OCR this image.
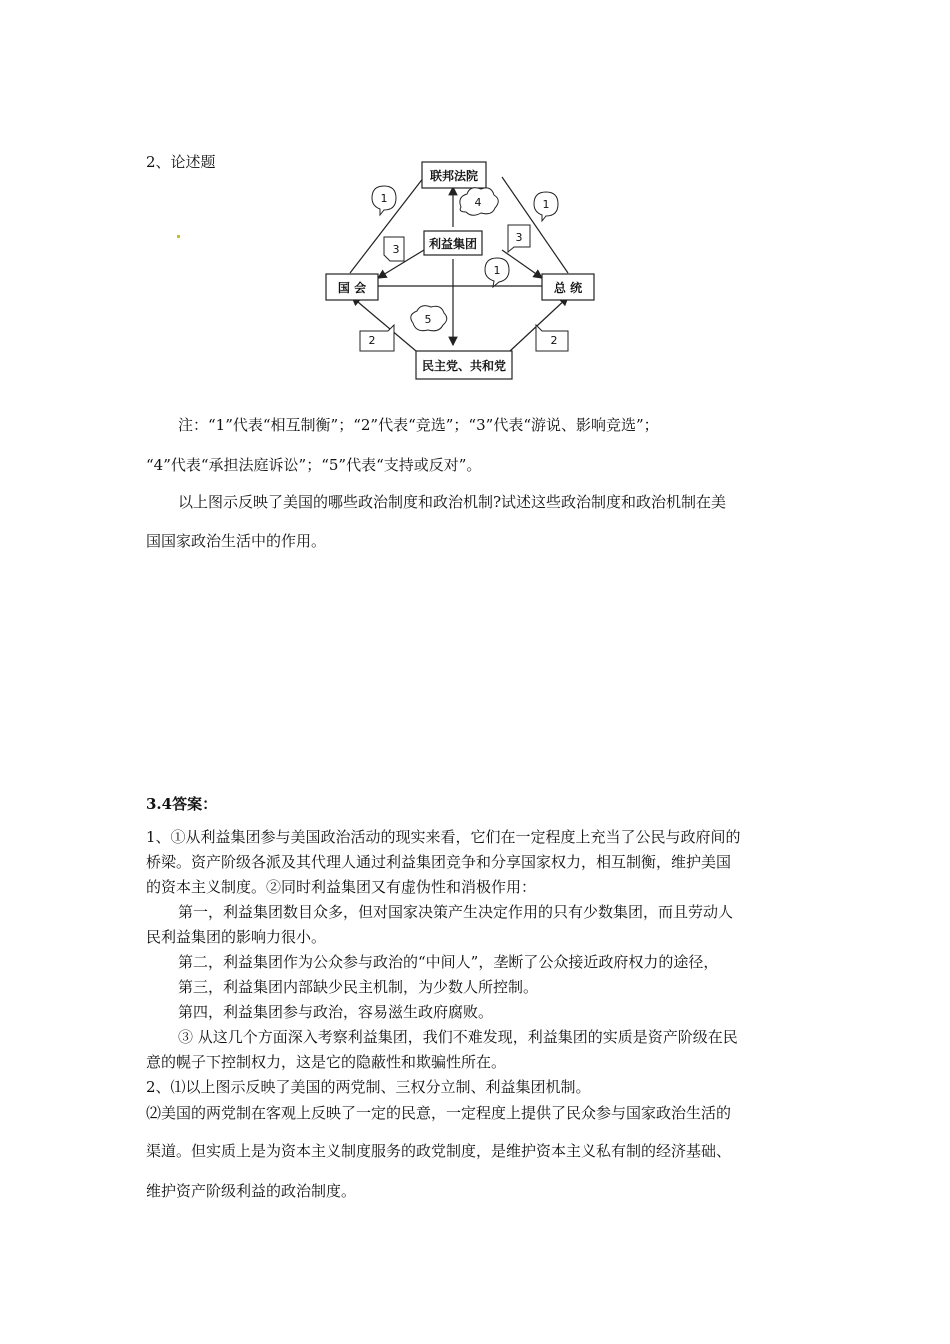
2、论述题
联邦法院
利益集团
国 会	总 统
民主党、共和党
1	1
4
3
3
1
5
2	2
注：“1”代表“相互制衡”；“2”代表“竞选”；“3”代表“游说、影响竞选”；
“4”代表“承担法庭诉讼”；“5”代表“支持或反对”。
以上图示反映了美国的哪些政治制度和政治机制?试述这些政治制度和政治机制在美
国国家政治生活中的作用。
3.4答案：
1、①从利益集团参与美国政治活动的现实来看，它们在一定程度上充当了公民与政府间的
桥梁。资产阶级各派及其代理人通过利益集团竞争和分享国家权力，相互制衡，维护美国
的资本主义制度。②同时利益集团又有虚伪性和消极作用：
第一，利益集团数目众多，但对国家决策产生决定作用的只有少数集团，而且劳动人
民利益集团的影响力很小。
第二，利益集团作为公众参与政治的“中间人”，垄断了公众接近政府权力的途径，
第三，利益集团内部缺少民主机制，为少数人所控制。
第四，利益集团参与政治，容易滋生政府腐败。
③ 从这几个方面深入考察利益集团，我们不难发现，利益集团的实质是资产阶级在民
意的幌子下控制权力，这是它的隐蔽性和欺骗性所在。
2、⑴以上图示反映了美国的两党制、三权分立制、利益集团机制。
⑵美国的两党制在客观上反映了一定的民意，一定程度上提供了民众参与国家政治生活的
渠道。但实质上是为资本主义制度服务的政党制度，是维护资本主义私有制的经济基础、
维护资产阶级利益的政治制度。
